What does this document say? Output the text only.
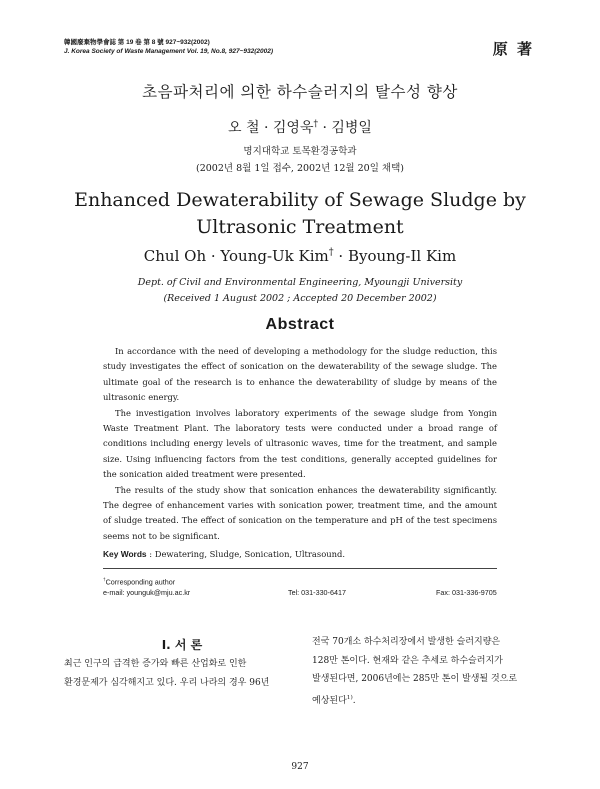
韓國廢棄物學會誌 第 19 卷 第 8 號 927~932(2002)
J. Korea Society of Waste Management Vol. 19, No.8, 927~932(2002)	原 著
초음파처리에 의한 하수슬러지의 탈수성 향상
오 철 · 김영욱† · 김병일
명지대학교 토목환경공학과
(2002년 8월 1일 접수, 2002년 12월 20일 채택)
Enhanced Dewaterability of Sewage Sludge by
Ultrasonic Treatment
Chul Oh · Young-Uk Kim† · Byoung-Il Kim
Dept. of Civil and Environmental Engineering, Myoungji University
(Received 1 August 2002 ; Accepted 20 December 2002)
Abstract

In accordance with the need of developing a methodology for the sludge reduction, this study investigates the effect of sonication on the dewaterability of the sewage sludge. The ultimate goal of the research is to enhance the dewaterability of sludge by means of the ultrasonic energy.

The investigation involves laboratory experiments of the sewage sludge from Yongin Waste Treatment Plant. The laboratory tests were conducted under a broad range of conditions including energy levels of ultrasonic waves, time for the treatment, and sample size. Using influencing factors from the test conditions, generally accepted guidelines for the sonication aided treatment were presented.

The results of the study show that sonication enhances the dewaterability significantly. The degree of enhancement varies with sonication power, treatment time, and the amount of sludge treated. The effect of sonication on the temperature and pH of the test specimens seems not to be significant.

Key Words : Dewatering, Sludge, Sonication, Ultrasound.
†Corresponding author
e-mail: younguk@mju.ac.kr	Tel: 031-330-6417	Fax: 031-336-9705
Ⅰ. 서 론
최근 인구의 급격한 증가와 빠른 산업화로 인한
환경문제가 심각해지고 있다. 우리 나라의 경우 96년
전국 70개소 하수처리장에서 발생한 슬러지량은
128만 톤이다. 현재와 같은 추세로 하수슬러지가
발생된다면, 2006년에는 285만 톤이 발생될 것으로
예상된다$^{1)}$.
927
